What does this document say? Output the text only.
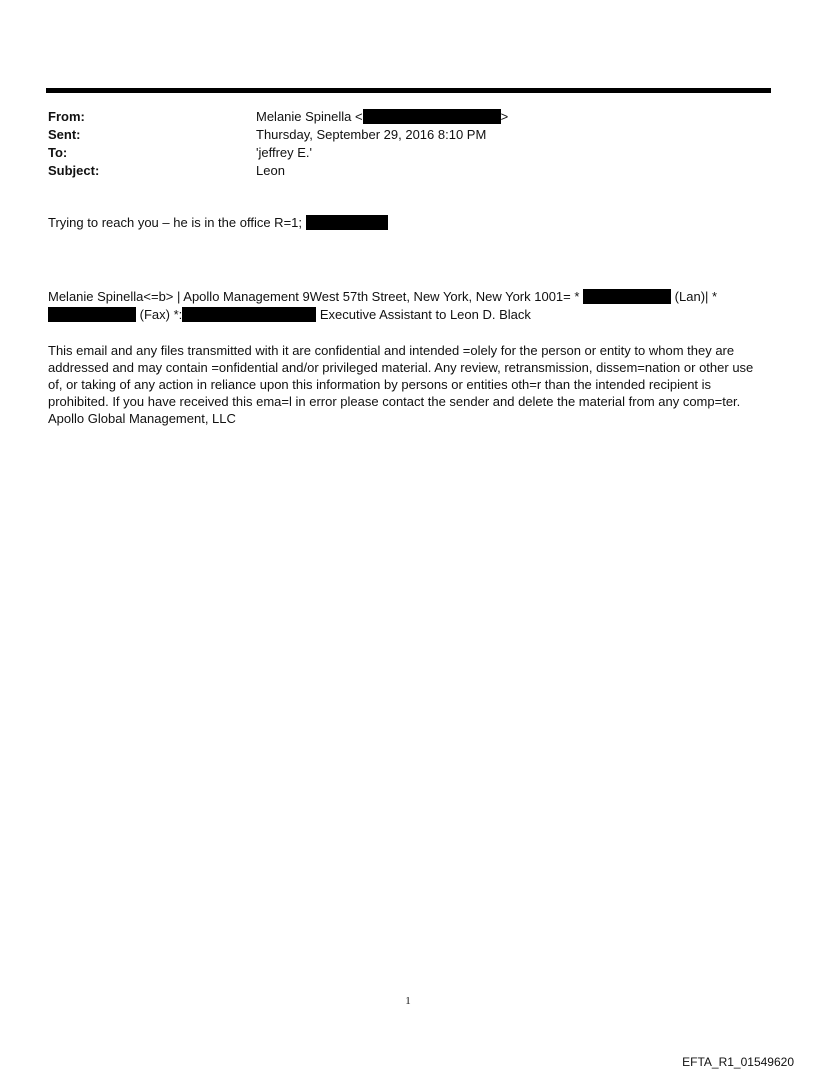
From:	Melanie Spinella <	>
Sent:	Thursday, September 29, 2016 8:10 PM
To:	'jeffrey E.'
Subject:	Leon
Trying to reach you – he is in the office R=1;
Melanie Spinella<=b> | Apollo Management 9West 57th Street, New York, New York 1001= *	(Lan)| *
(Fax) *:	Executive Assistant to Leon D. Black
This email and any files transmitted with it are confidential and intended =olely for the person or entity to whom they are addressed and may contain =onfidential and/or privileged material. Any review, retransmission, dissem=nation or other use of, or taking of any action in reliance upon this information by persons or entities oth=r than the intended recipient is prohibited. If you have received this ema=l in error please contact the sender and delete the material from any comp=ter. Apollo Global Management, LLC
1
EFTA_R1_01549620
